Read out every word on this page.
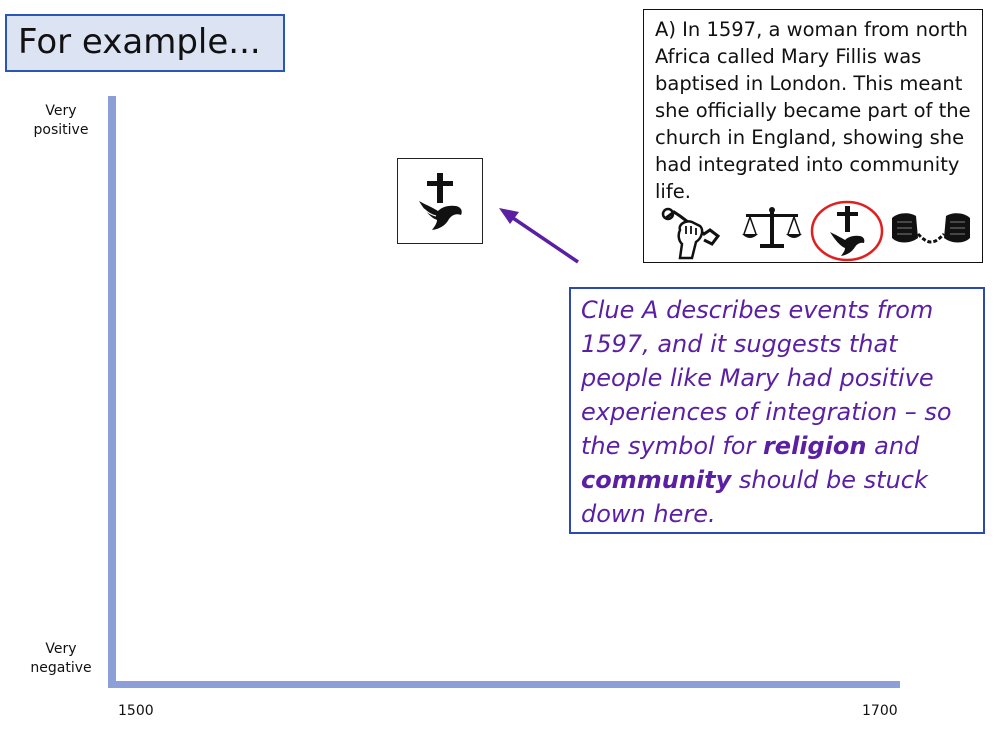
For example...
Very positive
Very negative
1500	1700
A) In 1597, a woman from north Africa called Mary Fillis was baptised in London. This meant she officially became part of the church in England, showing she had integrated into community life.
Clue A describes events from 1597, and it suggests that people like Mary had positive experiences of integration – so the symbol for religion and community should be stuck down here.
